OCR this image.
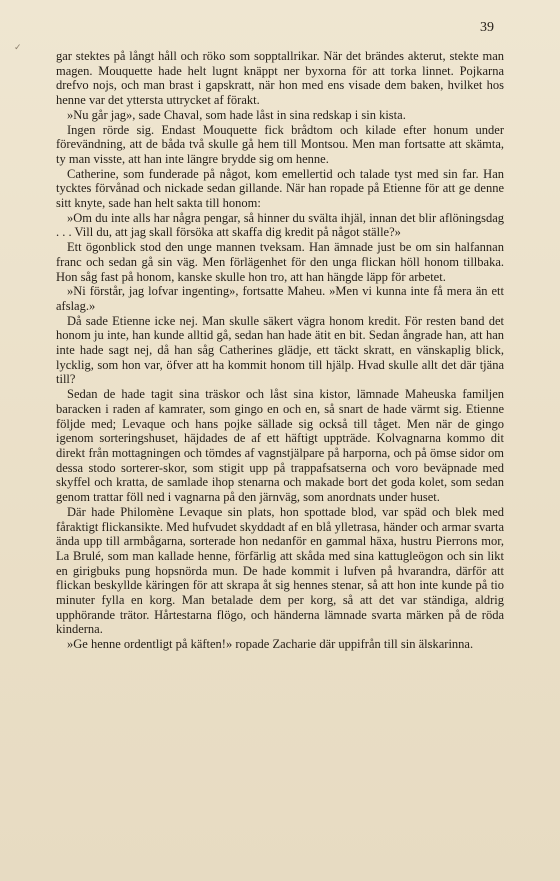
✓
39

gar stektes på långt håll och röko som sopptallrikar. När det brändes akterut, stekte man magen. Mouquette hade helt lugnt knäppt ner byxorna för att torka linnet. Pojkarna drefvo nojs, och man brast i gapskratt, när hon med ens visade dem baken, hvilket hos henne var det yttersta uttrycket af förakt.

»Nu går jag», sade Chaval, som hade låst in sina redskap i sin kista.

Ingen rörde sig. Endast Mouquette fick brådtom och kilade efter honum under förevändning, att de båda två skulle gå hem till Montsou. Men man fortsatte att skämta, ty man visste, att han inte längre brydde sig om henne.

Catherine, som funderade på något, kom emellertid och talade tyst med sin far. Han tycktes förvånad och nickade sedan gillande. När han ropade på Etienne för att ge denne sitt knyte, sade han helt sakta till honom:

»Om du inte alls har några pengar, så hinner du svälta ihjäl, innan det blir aflöningsdag . . . Vill du, att jag skall försöka att skaffa dig kredit på något ställe?»

Ett ögonblick stod den unge mannen tveksam. Han ämnade just be om sin halfannan franc och sedan gå sin väg. Men förlägenhet för den unga flickan höll honom tillbaka. Hon såg fast på honom, kanske skulle hon tro, att han hängde läpp för arbetet.

»Ni förstår, jag lofvar ingenting», fortsatte Maheu. »Men vi kunna inte få mera än ett afslag.»

Då sade Etienne icke nej. Man skulle säkert vägra honom kredit. För resten band det honom ju inte, han kunde alltid gå, sedan han hade ätit en bit. Sedan ångrade han, att han inte hade sagt nej, då han såg Catherines glädje, ett täckt skratt, en vänskaplig blick, lycklig, som hon var, öfver att ha kommit honom till hjälp. Hvad skulle allt det där tjäna till?

Sedan de hade tagit sina träskor och låst sina kistor, lämnade Maheuska familjen baracken i raden af kamrater, som gingo en och en, så snart de hade värmt sig. Etienne följde med; Levaque och hans pojke sällade sig också till tåget. Men när de gingo igenom sorteringshuset, häjdades de af ett häftigt uppträde. Kolvagnarna kommo dit direkt från mottagningen och tömdes af vagnstjälpare på harporna, och på ömse sidor om dessa stodo sorterer-skor, som stigit upp på trappafsatserna och voro beväpnade med skyffel och kratta, de samlade ihop stenarna och makade bort det goda kolet, som sedan genom trattar föll ned i vagnarna på den järnväg, som anordnats under huset.

Där hade Philomène Levaque sin plats, hon spottade blod, var späd och blek med fåraktigt flickansikte. Med hufvudet skyddadt af en blå ylletrasa, händer och armar svarta ända upp till armbågarna, sorterade hon nedanför en gammal häxa, hustru Pierrons mor, La Brulé, som man kallade henne, förfärlig att skåda med sina kattugleögon och sin likt en girigbuks pung hopsnörda mun. De hade kommit i lufven på hvarandra, därför att flickan beskyllde käringen för att skrapa åt sig hennes stenar, så att hon inte kunde på tio minuter fylla en korg. Man betalade dem per korg, så att det var ständiga, aldrig upphörande trätor. Hårtestarna flögo, och händerna lämnade svarta märken på de röda kinderna.

»Ge henne ordentligt på käften!» ropade Zacharie där uppifrån till sin älskarinna.
